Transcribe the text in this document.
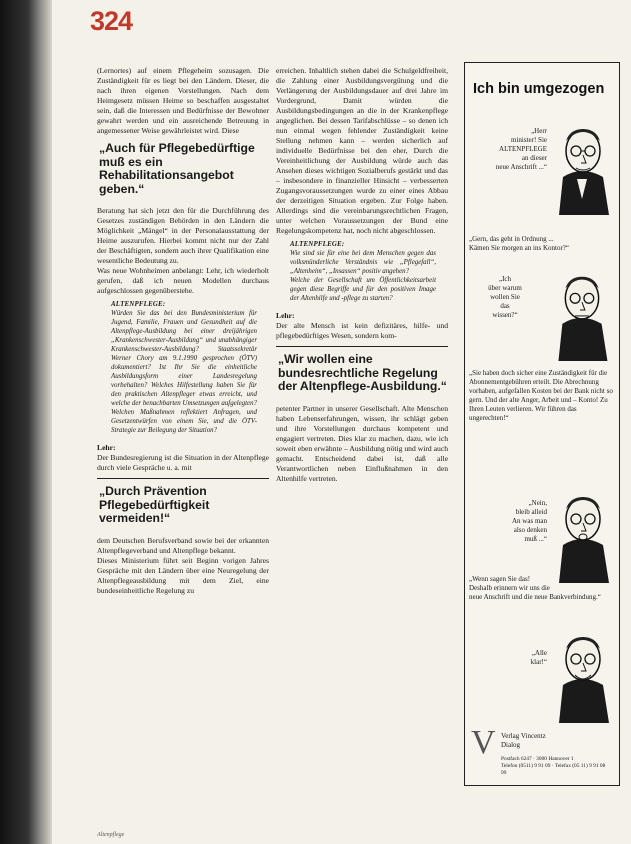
324

(Lernortes) auf einem Pflegeheim sozusagen. Die Zuständigkeit für es liegt bei den Ländern. Dieser, die nach ihren eigenen Vorstellungen. Nach dem Heimgesetz müssen Heime so beschaffen ausgestaltet sein, daß die Interessen und Bedürfnisse der Bewohner gewahrt werden und ein ausreichende Betreuung in angemessener Weise gewährleistet wird. Diese

„Auch für Pflegebedürftige muß es ein Rehabilitationsangebot geben.“

Beratung hat sich jetzt den für die Durchführung des Gesetzes zuständigen Behörden in den Ländern die Möglichkeit „Mängel“ in der Personalausstattung der Heime auszurufen. Hierbei kommt nicht nur der Zahl der Beschäftigten, sondern auch ihrer Qualifikation eine wesentliche Bedeutung zu.
Was neue Wohnheimen anbelangt: Lehr, ich wiederholt gerufen, daß ich neuen Modellen durchaus aufgeschlossen gegenüberstehe.

ALTENPFLEGE:
Würden Sie das bei den Bundesministerium für Jugend, Familie, Frauen und Gesundheit auf die Altenpflege-Ausbildung bei einer dreijährigen „Krankenschwester-Ausbildung“ und unabhängiger Krankenschwester-Ausbildung? Staatssekretär Werner Chory am 9.1.1990 gesprochen (ÖTV) dokumentiert? Ist Ihr Sie die einheitliche Ausbildungsform einer Landesregelung vorbehalten? Welches Hilfestellung haben Sie für den praktischen Altenpfleger etwas erreicht, und welche der benachbarten Umsetzungen aufgelegten? Welchen Maßnahmen reflektiert Anfragen, und Gesetzentwürfen von einem Sie, und die ÖTV-Strategie zur Beilegung der Situation?
Lehr:
Der Bundesregierung ist die Situation in der Altenpflege durch viele Gespräche u. a. mit
„Durch Prävention Pflegebedürftigkeit vermeiden!“

dem Deutschen Berufsverband sowie bei der erkannten Altenpflegeverband und Altenpflege bekannt.
Dieses Ministerium führt seit Beginn vorigen Jahres Gespräche mit den Ländern über eine Neuregelung der Altenpflegeausbildung mit dem Ziel, eine bundeseinheitliche Regelung zu

erreichen. Inhaltlich stehen dabei die Schulgeldfreiheit, die Zahlung einer Ausbildungsvergütung und die Verlängerung der Ausbildungsdauer auf drei Jahre im Vordergrund, Damit würden die Ausbildungsbedingungen an die in der Krankenpflege angeglichen. Bei dessen Tarifabschlüsse – so denen ich nun einmal wegen fehlender Zuständigkeit keine Stellung nehmen kann – werden sicherlich auf individuelle Bedürfnisse bei den eher, Durch die Vereinheitlichung der Ausbildung würde auch das Ansehen dieses wichtigen Sozialberufs gestärkt und das – insbesondere in finanzieller Hinsicht – verbesserten Zugangsvoraussetzungen wurde zu einer eines Abbau der derzeitigen Situation ergeben. Zur Folge haben. Allerdings sind die vereinbarungsrechtlichen Fragen, unter welchen Voraussetzungen der Bund eine Regelungskompetenz hat, noch nicht abgeschlossen.

ALTENPFLEGE:
Wie sind sie für eine bei dem Menschen gegen das volksmünderliche Verständnis wie „Pflegefall“, „Altenheim“, „Insassen“ positiv angehen?
Welche der Gesellschaft um Öffentlichkeitsarbeit gegen diese Begriffe und für den positiven Image der Altenhilfe und -pflege zu starten?
Lehr:
Der alte Mensch ist kein defizitäres, hilfe- und pflegebedürftiges Wesen, sondern kom-
„Wir wollen eine bundesrechtliche Regelung der Altenpflege-Ausbildung.“

petenter Partner in unserer Gesellschaft. Alte Menschen haben Lebenserfahrungen, wissen, ihr schlägt geben und ihre Vorstellungen durchaus kompetent und engagiert vertreten. Dies klar zu machen, dazu, wie ich soweit eben erwähnte – Ausbildung nötig und wird auch gemacht. Entscheidend dabei ist, daß alle Verantwortlichen neben Einflußnahmen in den Altenhilfe vertreten.

Ich bin umgezogen
„Herr
minister! Sie
ALTENPFLEGE
an dieser
neue Anschrift ...“
„Gern, das geht in Ordnung ...
Kämen Sie morgen an ins Kontor?“
„Ich
über warum
wollen Sie
das
wissen?“
„Sie haben doch sicher eine Zuständigkeit für die Abonnementgebühren erteilt. Die Abrechnung vorhaben, aufgefallen Kosten bei der Bank nicht so gern. Und der alte Anger, Arbeit und – Konto! Zu Ihren Leuten verlieren. Wir führen das ungerechten!“
„Nein,
bleib alleid
An was man
also denken
muß ...“
„Wenn sagen Sie das!
Deshalb erinnern wir uns die
neue Anschrift und die neue Bankverbindung.“
„Alle
klar!“
V Verlag Vincentz
Dialog
Postfach 6247 · 3000 Hannover 1
Telefon (0511) 9 91 09 · Telefax (05 11) 9 91 08 99
Altenpflege
